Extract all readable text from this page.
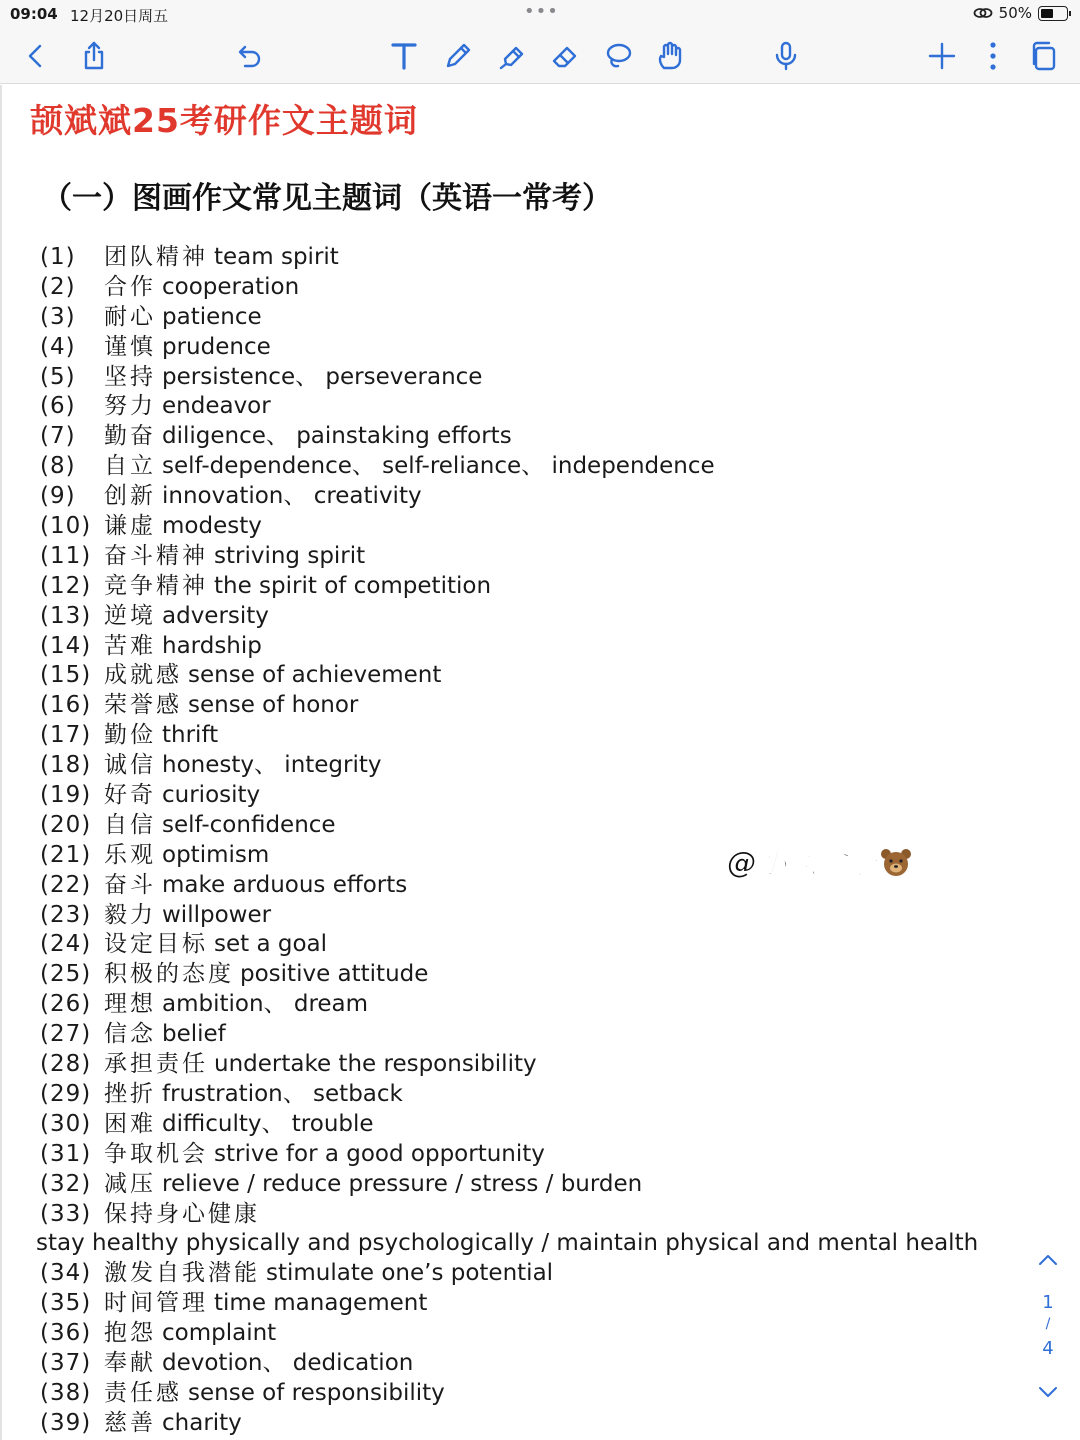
09:04 12月20日周五	•••	50%
颉斌斌25考研作文主题词
（一）图画作文常见主题词（英语一常考）
(1)	团队精神 team spirit
(2)	合作 cooperation
(3)	耐心 patience
(4)	谨慎 prudence
(5)	坚持 persistence、 perseverance
(6)	努力 endeavor
(7)	勤奋 diligence、 painstaking efforts
(8)	自立 self-dependence、 self-reliance、 independence
(9)	创新 innovation、 creativity
(10) 谦虚 modesty
(11) 奋斗精神 striving spirit
(12) 竞争精神 the spirit of competition
(13) 逆境 adversity
(14) 苦难 hardship
(15) 成就感 sense of achievement
(16) 荣誉感 sense of honor
(17) 勤俭 thrift
(18) 诚信 honesty、 integrity
(19) 好奇 curiosity
(20) 自信 self-confidence
(21) 乐观 optimism
(22) 奋斗 make arduous efforts
(23) 毅力 willpower
(24) 设定目标 set a goal
(25) 积极的态度 positive attitude
(26) 理想 ambition、 dream
(27) 信念 belief
(28) 承担责任 undertake the responsibility
(29) 挫折 frustration、 setback
(30) 困难 difficulty、 trouble
(31) 争取机会 strive for a good opportunity
(32) 减压 relieve / reduce pressure / stress / burden
(33) 保持身心健康
stay healthy physically and psychologically / maintain physical and mental health
(34) 激发自我潜能 stimulate one’s potential
(35) 时间管理 time management
(36) 抱怨 complaint
(37) 奉献 devotion、 dedication
(38) 责任感 sense of responsibility
(39) 慈善 charity
@小熊盒子
1
/
4
